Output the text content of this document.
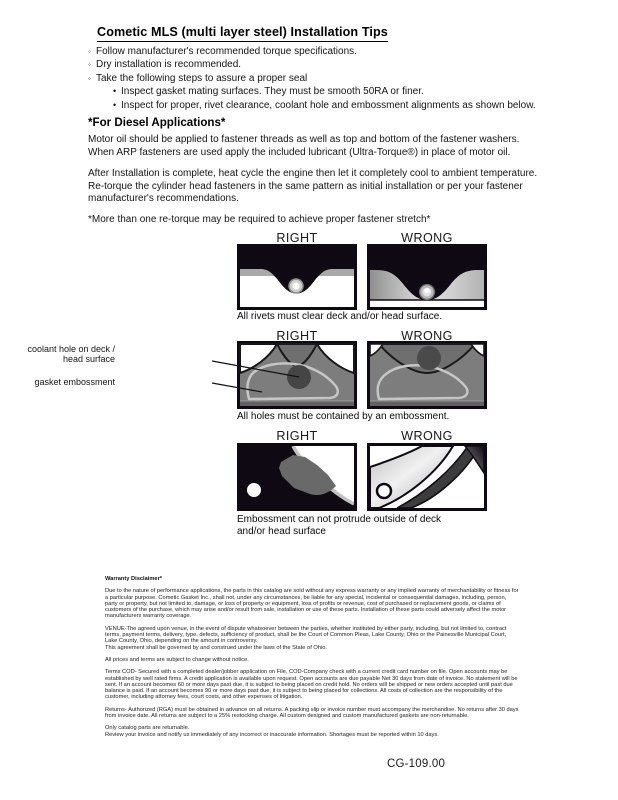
Cometic MLS (multi layer steel) Installation Tips
◦ Follow manufacturer's recommended torque specifications.
◦ Dry installation is recommended.
◦ Take the following steps to assure a proper seal
• Inspect gasket mating surfaces. They must be smooth 50RA or finer.
• Inspect for proper, rivet clearance, coolant hole and embossment alignments as shown below.
*For Diesel Applications*

Motor oil should be applied to fastener threads as well as top and bottom of the fastener washers. When ARP fasteners are used apply the included lubricant (Ultra-Torque®) in place of motor oil.

After Installation is complete, heat cycle the engine then let it completely cool to ambient temperature. Re-torque the cylinder head fasteners in the same pattern as initial installation or per your fastener manufacturer's recommendations.

*More than one re-torque may be required to achieve proper fastener stretch*

RIGHT	WRONG
All rivets must clear deck and/or head surface.
RIGHT	WRONG
coolant hole on deck / head surface
gasket embossment
All holes must be contained by an embossment.
RIGHT	WRONG
Embossment can not protrude outside of deck and/or head surface

Warranty Disclaimer*

Due to the nature of performance applications, the parts in this catalog are sold without any express warranty or any implied warranty of merchantability or fitness for a particular purpose. Cometic Gasket Inc., shall not, under any circumstances, be liable for any special, incidental or consequential damages, including, person, party or property, but not limited to, damage, or loss of property or equipment, loss of profits or revenue, cost of purchased or replacement goods, or claims of customers of the purchase, which may arise and/or result from sale, installation or use of these parts. Installation of these parts could adversely affect the motor manufacturers warranty coverage.

VENUE-The agreed upon venue, in the event of dispute whatsoever between the parties, whether instituted by either party, including, but not limited to, contract terms, payment terms, delivery, type, defects, sufficiency of product, shall be the Court of Common Pleas, Lake County, Ohio or the Painesville Municipal Court, Lake County, Ohio, depending on the amount in controversy.

This agreement shall be governed by and construed under the laws of the State of Ohio.

All prices and terms are subject to change without notice.

Terms COD- Secured with a completed dealer/jobber application on File, COD-Company check with a current credit card number on file. Open accounts may be established by well rated firms. A credit application is available upon request. Open accounts are due payable Net 30 days from date of invoice. No statement will be sent. If an account becomes 60 or more days past due, it is subject to being placed on credit hold. No orders will be shipped or new orders accepted until past due balance is paid. If an account becomes 90 or more days past due, it is subject to being placed for collections. All costs of collection are the responsibility of the customer, including attorney fees, court costs, and other expenses of litigation.

Returns- Authorized (RGA) must be obtained in advance on all returns. A packing slip or invoice number must accompany the merchandise. No returns after 30 days from invoice date. All returns are subject to a 25% restocking charge. All custom designed and custom manufactured gaskets are non-returnable.

Only catalog parts are returnable.

Review your invoice and notify us immediately of any incorrect or inaccurate information. Shortages must be reported within 10 days.

CG-109.00
